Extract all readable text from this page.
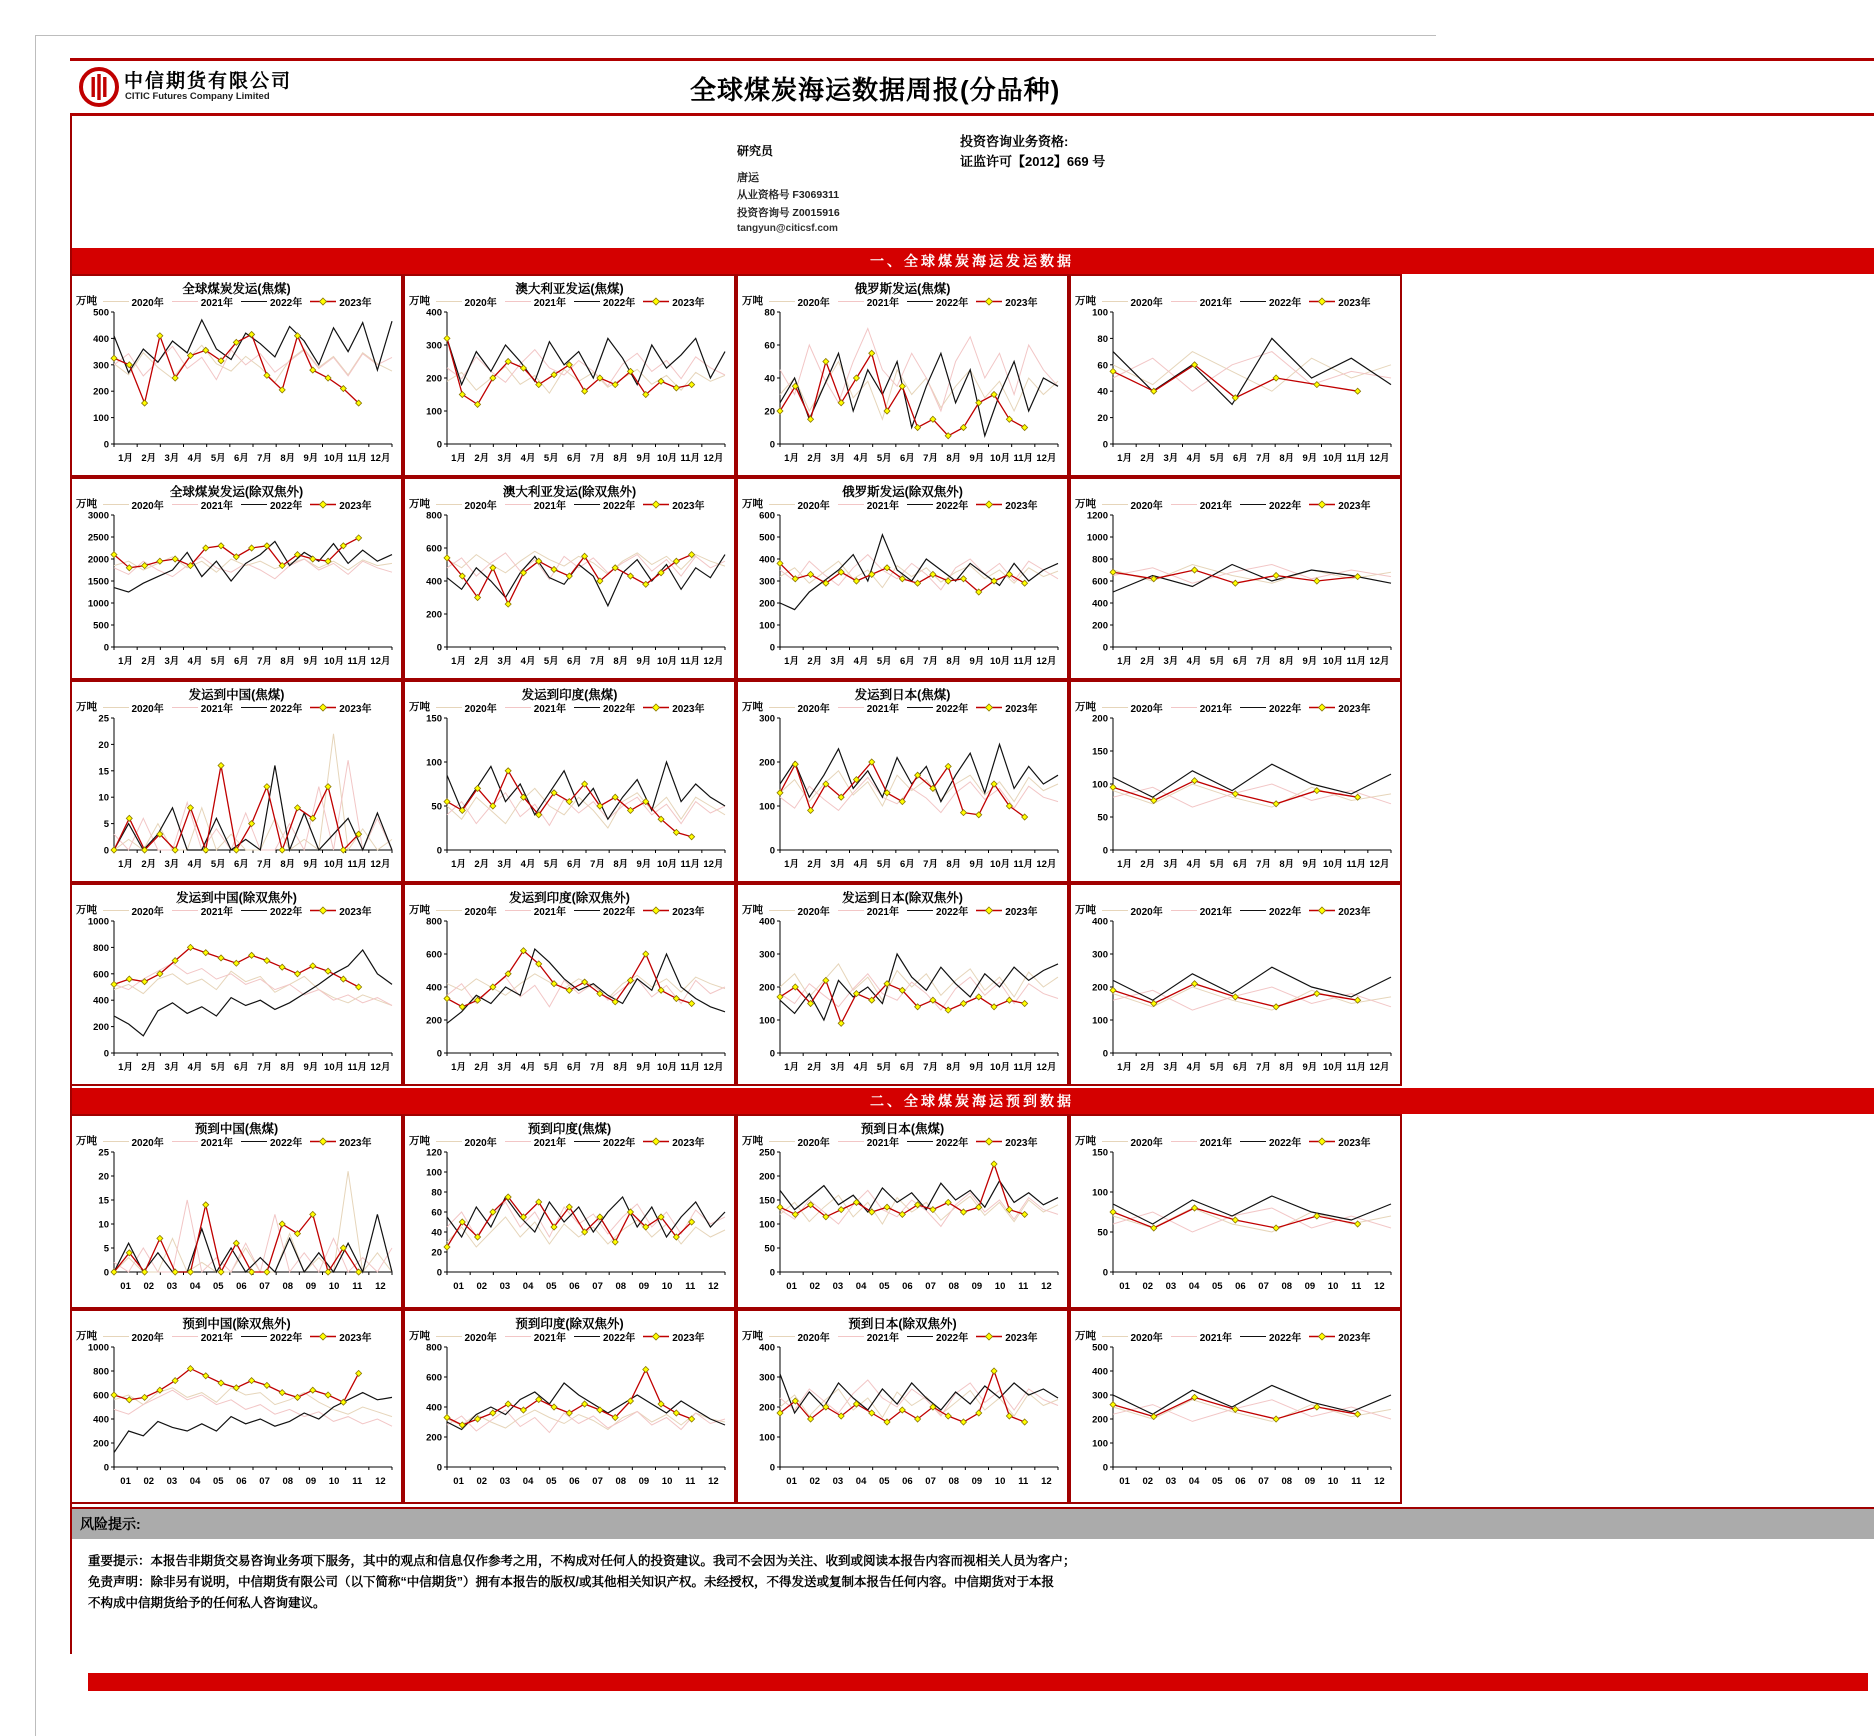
中信期货有限公司
CITIC Futures Company Limited	全球煤炭海运数据周报(分品种)
研究员
唐运
从业资格号 F3069311
投资咨询号 Z0015916
tangyun@citicsf.com
投资咨询业务资格:
证监许可【2012】669 号
一、全球煤炭海运发运数据
万吨
全球煤炭发运(焦煤)
2020年	2021年	2022年	2023年
0
100
200
300
400
500
1月 2月 3月 4月 5月 6月 7月 8月 9月 10月 11月 12月
万吨
澳大利亚发运(焦煤)
2020年	2021年	2022年	2023年
0
100
200
300
400
1月 2月 3月 4月 5月 6月 7月 8月 9月 10月 11月 12月
万吨
俄罗斯发运(焦煤)
2020年	2021年	2022年	2023年
0
20
40
60
80
1月 2月 3月 4月 5月 6月 7月 8月 9月 10月 11月 12月
万吨	2020年	2021年	2022年	2023年
0
20
40
60
80
100
1月 2月 3月 4月 5月 6月 7月 8月 9月 10月 11月 12月
万吨
全球煤炭发运(除双焦外)
2020年	2021年	2022年	2023年
0
500
1000
1500
2000
2500
3000
1月 2月 3月 4月 5月 6月 7月 8月 9月 10月 11月 12月
万吨
澳大利亚发运(除双焦外)
2020年	2021年	2022年	2023年
0
200
400
600
800
1月 2月 3月 4月 5月 6月 7月 8月 9月 10月 11月 12月
万吨
俄罗斯发运(除双焦外)
2020年	2021年	2022年	2023年
0
100
200
300
400
500
600
1月 2月 3月 4月 5月 6月 7月 8月 9月 10月 11月 12月
万吨	2020年	2021年	2022年	2023年
0
200
400
600
800
1000
1200
1月 2月 3月 4月 5月 6月 7月 8月 9月 10月 11月 12月
万吨
发运到中国(焦煤)
2020年	2021年	2022年	2023年
0
5
10
15
20
25
1月 2月 3月 4月 5月 6月 7月 8月 9月 10月 11月 12月
万吨
发运到印度(焦煤)
2020年	2021年	2022年	2023年
0
50
100
150
1月 2月 3月 4月 5月 6月 7月 8月 9月 10月 11月 12月
万吨
发运到日本(焦煤)
2020年	2021年	2022年	2023年
0
100
200
300
1月 2月 3月 4月 5月 6月 7月 8月 9月 10月 11月 12月
万吨	2020年	2021年	2022年	2023年
0
50
100
150
200
1月 2月 3月 4月 5月 6月 7月 8月 9月 10月 11月 12月
万吨
发运到中国(除双焦外)
2020年	2021年	2022年	2023年
0
200
400
600
800
1000
1月 2月 3月 4月 5月 6月 7月 8月 9月 10月 11月 12月
万吨
发运到印度(除双焦外)
2020年	2021年	2022年	2023年
0
200
400
600
800
1月 2月 3月 4月 5月 6月 7月 8月 9月 10月 11月 12月
万吨
发运到日本(除双焦外)
2020年	2021年	2022年	2023年
0
100
200
300
400
1月 2月 3月 4月 5月 6月 7月 8月 9月 10月 11月 12月
万吨	2020年	2021年	2022年	2023年
0
100
200
300
400
1月 2月 3月 4月 5月 6月 7月 8月 9月 10月 11月 12月
二、全球煤炭海运预到数据
万吨
预到中国(焦煤)
2020年	2021年	2022年	2023年
0
5
10
15
20
25
01 02 03 04 05 06 07 08 09 10 11 12
万吨
预到印度(焦煤)
2020年	2021年	2022年	2023年
0
20
40
60
80
100
120
01 02 03 04 05 06 07 08 09 10 11 12
万吨
预到日本(焦煤)
2020年	2021年	2022年	2023年
0
50
100
150
200
250
01 02 03 04 05 06 07 08 09 10 11 12
万吨	2020年	2021年	2022年	2023年
0
50
100
150
01 02 03 04 05 06 07 08 09 10 11 12
万吨
预到中国(除双焦外)
2020年	2021年	2022年	2023年
0
200
400
600
800
1000
01 02 03 04 05 06 07 08 09 10 11 12
万吨
预到印度(除双焦外)
2020年	2021年	2022年	2023年
0
200
400
600
800
01 02 03 04 05 06 07 08 09 10 11 12
万吨
预到日本(除双焦外)
2020年	2021年	2022年	2023年
0
100
200
300
400
01 02 03 04 05 06 07 08 09 10 11 12
万吨	2020年	2021年	2022年	2023年
0
100
200
300
400
500
01 02 03 04 05 06 07 08 09 10 11 12
风险提示:
重要提示：本报告非期货交易咨询业务项下服务，其中的观点和信息仅作参考之用，不构成对任何人的投资建议。我司不会因为关注、收到或阅读本报告内容而视相关人员为客户；
免责声明：除非另有说明，中信期货有限公司（以下简称“中信期货”）拥有本报告的版权/或其他相关知识产权。未经授权，不得发送或复制本报告任何内容。中信期货对于本报
不构成中信期货给予的任何私人咨询建议。
